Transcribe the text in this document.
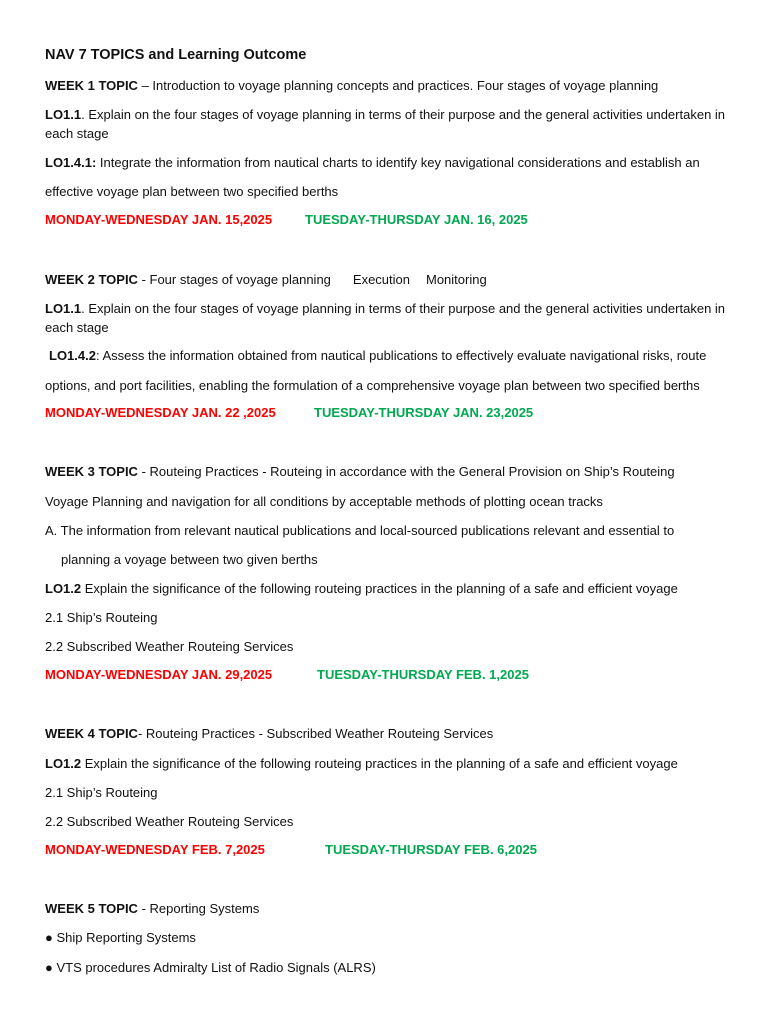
NAV 7 TOPICS and Learning Outcome
WEEK 1 TOPIC – Introduction to voyage planning concepts and practices. Four stages of voyage planning
LO1.1. Explain on the four stages of voyage planning in terms of their purpose and the general activities undertaken in
each stage
LO1.4.1: Integrate the information from nautical charts to identify key navigational considerations and establish an
effective voyage plan between two specified berths
MONDAY-WEDNESDAY JAN. 15,2025	TUESDAY-THURSDAY JAN. 16, 2025
WEEK 2 TOPIC - Four stages of voyage planning Execution Monitoring
LO1.1. Explain on the four stages of voyage planning in terms of their purpose and the general activities undertaken in
each stage
LO1.4.2: Assess the information obtained from nautical publications to effectively evaluate navigational risks, route
options, and port facilities, enabling the formulation of a comprehensive voyage plan between two specified berths
MONDAY-WEDNESDAY JAN. 22 ,2025	TUESDAY-THURSDAY JAN. 23,2025
WEEK 3 TOPIC - Routeing Practices - Routeing in accordance with the General Provision on Ship’s Routeing
Voyage Planning and navigation for all conditions by acceptable methods of plotting ocean tracks
A. The information from relevant nautical publications and local-sourced publications relevant and essential to
planning a voyage between two given berths
LO1.2 Explain the significance of the following routeing practices in the planning of a safe and efficient voyage
2.1 Ship’s Routeing
2.2 Subscribed Weather Routeing Services
MONDAY-WEDNESDAY JAN. 29,2025	TUESDAY-THURSDAY FEB. 1,2025
WEEK 4 TOPIC- Routeing Practices - Subscribed Weather Routeing Services
LO1.2 Explain the significance of the following routeing practices in the planning of a safe and efficient voyage
2.1 Ship’s Routeing
2.2 Subscribed Weather Routeing Services
MONDAY-WEDNESDAY FEB. 7,2025	TUESDAY-THURSDAY FEB. 6,2025
WEEK 5 TOPIC - Reporting Systems
● Ship Reporting Systems
● VTS procedures Admiralty List of Radio Signals (ALRS)
